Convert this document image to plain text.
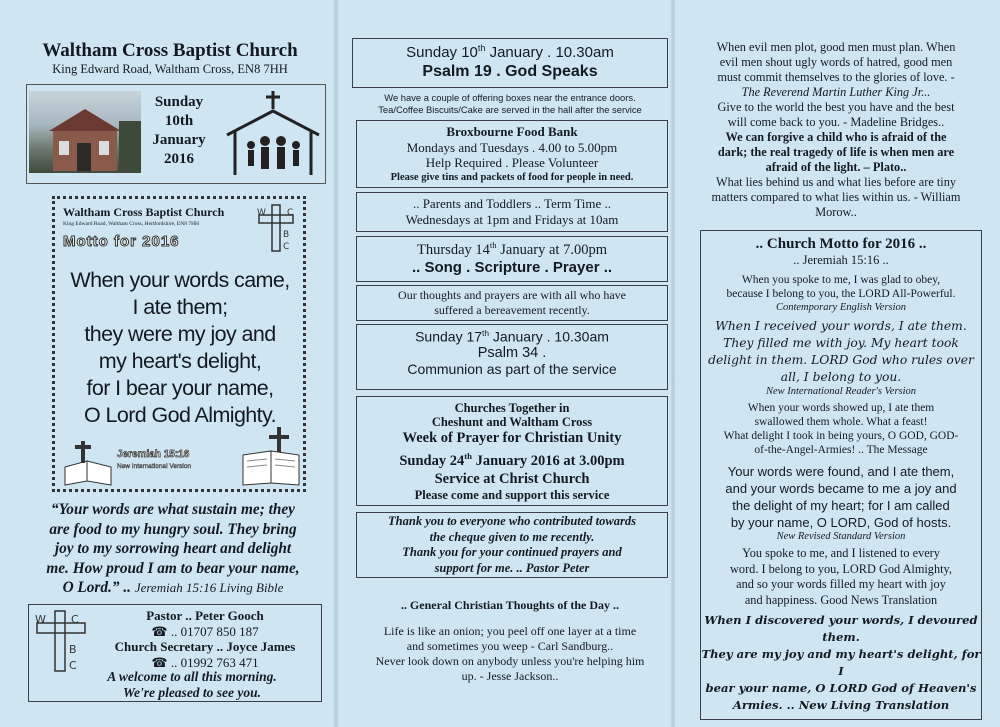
Waltham Cross Baptist Church
King Edward Road, Waltham Cross, EN8 7HH
Sunday
10th
January
2016
Waltham Cross Baptist Church
King Edward Road, Waltham Cross, Hertfordshire, EN8 7HH
W C
B
C
Motto for 2016
When your words came,
I ate them;
they were my joy and
my heart's delight,
for I bear your name,
O Lord God Almighty.
Jeremiah 15:16
New International Version
“Your words are what sustain me; they
are food to my hungry soul. They bring
joy to my sorrowing heart and delight
me. How proud I am to bear your name,
O Lord.” .. Jeremiah 15:16 Living Bible
W C
B
C
Pastor .. Peter Gooch
☎ .. 01707 850 187
Church Secretary .. Joyce James
☎ .. 01992 763 471
A welcome to all this morning.
We're pleased to see you.
Sunday 10th January . 10.30am
Psalm 19 . God Speaks
We have a couple of offering boxes near the entrance doors.
Tea/Coffee Biscuits/Cake are served in the hall after the service
Broxbourne Food Bank
Mondays and Tuesdays . 4.00 to 5.00pm
Help Required . Please Volunteer
Please give tins and packets of food for people in need.
.. Parents and Toddlers .. Term Time ..
Wednesdays at 1pm and Fridays at 10am
Thursday 14th January at 7.00pm
.. Song . Scripture . Prayer ..
Our thoughts and prayers are with all who have
suffered a bereavement recently.
Sunday 17th January . 10.30am
Psalm 34 .
Communion as part of the service
Churches Together in
Cheshunt and Waltham Cross
Week of Prayer for Christian Unity
Sunday 24th January 2016 at 3.00pm
Service at Christ Church
Please come and support this service
Thank you to everyone who contributed towards
the cheque given to me recently.
Thank you for your continued prayers and
support for me. .. Pastor Peter
.. General Christian Thoughts of the Day ..
Life is like an onion; you peel off one layer at a time
and sometimes you weep - Carl Sandburg..
Never look down on anybody unless you're helping him
up. - Jesse Jackson..
When evil men plot, good men must plan. When
evil men shout ugly words of hatred, good men
must commit themselves to the glories of love. -
The Reverend Martin Luther King Jr...
Give to the world the best you have and the best
will come back to you. - Madeline Bridges..
We can forgive a child who is afraid of the
dark; the real tragedy of life is when men are
afraid of the light. – Plato..
What lies behind us and what lies before are tiny
matters compared to what lies within us. - William
Morow..
.. Church Motto for 2016 ..
.. Jeremiah 15:16 ..
When you spoke to me, I was glad to obey,
because I belong to you, the LORD All-Powerful.
Contemporary English Version
When I received your words, I ate them.
They filled me with joy. My heart took
delight in them. LORD God who rules over
all, I belong to you.
New International Reader's Version
When your words showed up, I ate them
swallowed them whole. What a feast!
What delight I took in being yours, O GOD, GOD-
of-the-Angel-Armies! .. The Message
Your words were found, and I ate them,
and your words became to me a joy and
the delight of my heart; for I am called
by your name, O LORD, God of hosts.
New Revised Standard Version
You spoke to me, and I listened to every
word. I belong to you, LORD God Almighty,
and so your words filled my heart with joy
and happiness. Good News Translation
When I discovered your words, I devoured them.
They are my joy and my heart's delight, for I
bear your name, O LORD God of Heaven's
Armies. .. New Living Translation
